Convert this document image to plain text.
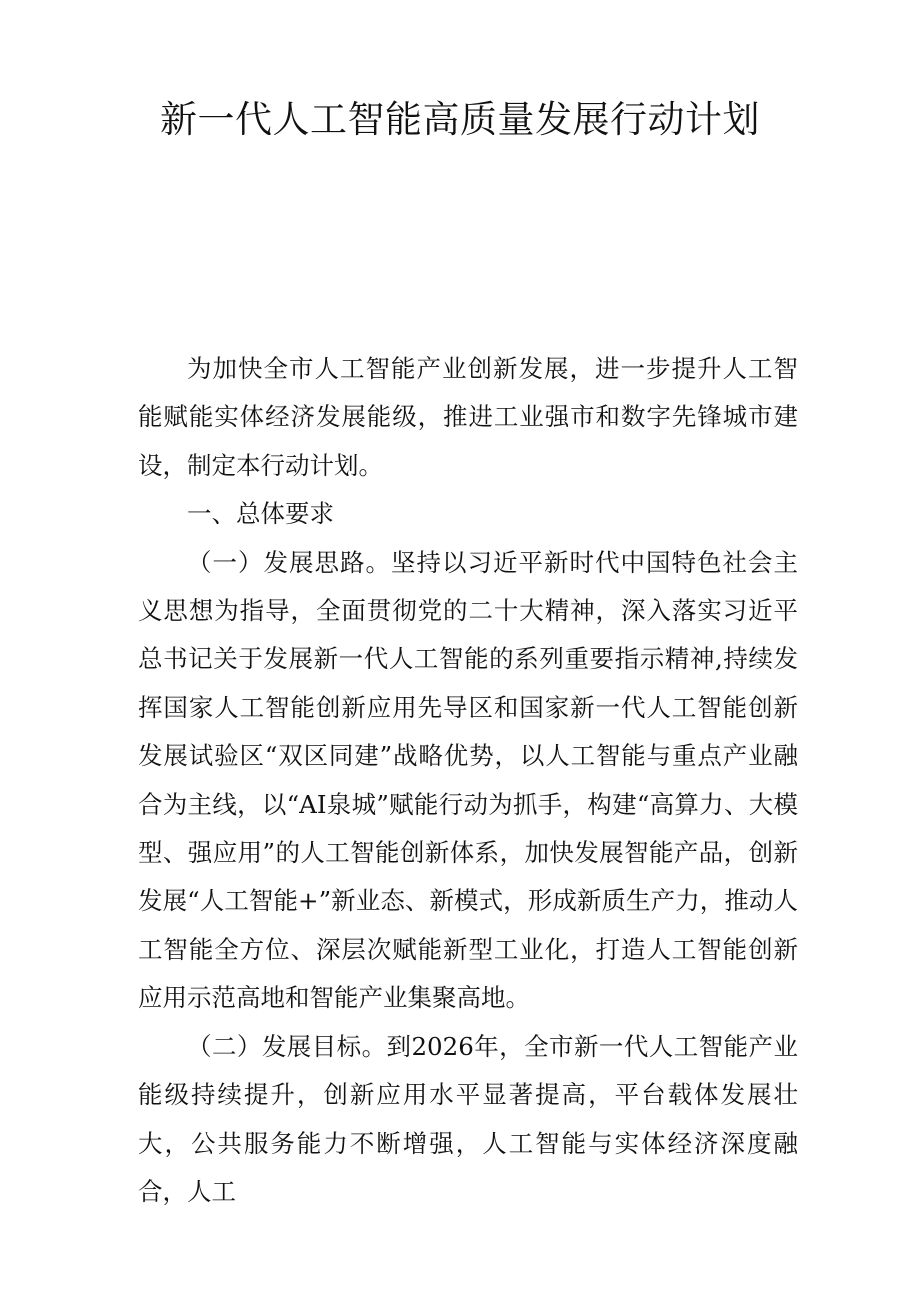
新一代人工智能高质量发展行动计划

为加快全市人工智能产业创新发展，进一步提升人工智能赋能实体经济发展能级，推进工业强市和数字先锋城市建设，制定本行动计划。

一、总体要求

（一）发展思路。坚持以习近平新时代中国特色社会主义思想为指导，全面贯彻党的二十大精神，深入落实习近平总书记关于发展新一代人工智能的系列重要指示精神,持续发挥国家人工智能创新应用先导区和国家新一代人工智能创新发展试验区“双区同建”战略优势，以人工智能与重点产业融合为主线，以“AI泉城”赋能行动为抓手，构建“高算力、大模型、强应用”的人工智能创新体系，加快发展智能产品，创新发展“人工智能+”新业态、新模式，形成新质生产力，推动人工智能全方位、深层次赋能新型工业化，打造人工智能创新应用示范高地和智能产业集聚高地。

（二）发展目标。到2026年，全市新一代人工智能产业能级持续提升，创新应用水平显著提高，平台载体发展壮大，公共服务能力不断增强，人工智能与实体经济深度融合，人工
